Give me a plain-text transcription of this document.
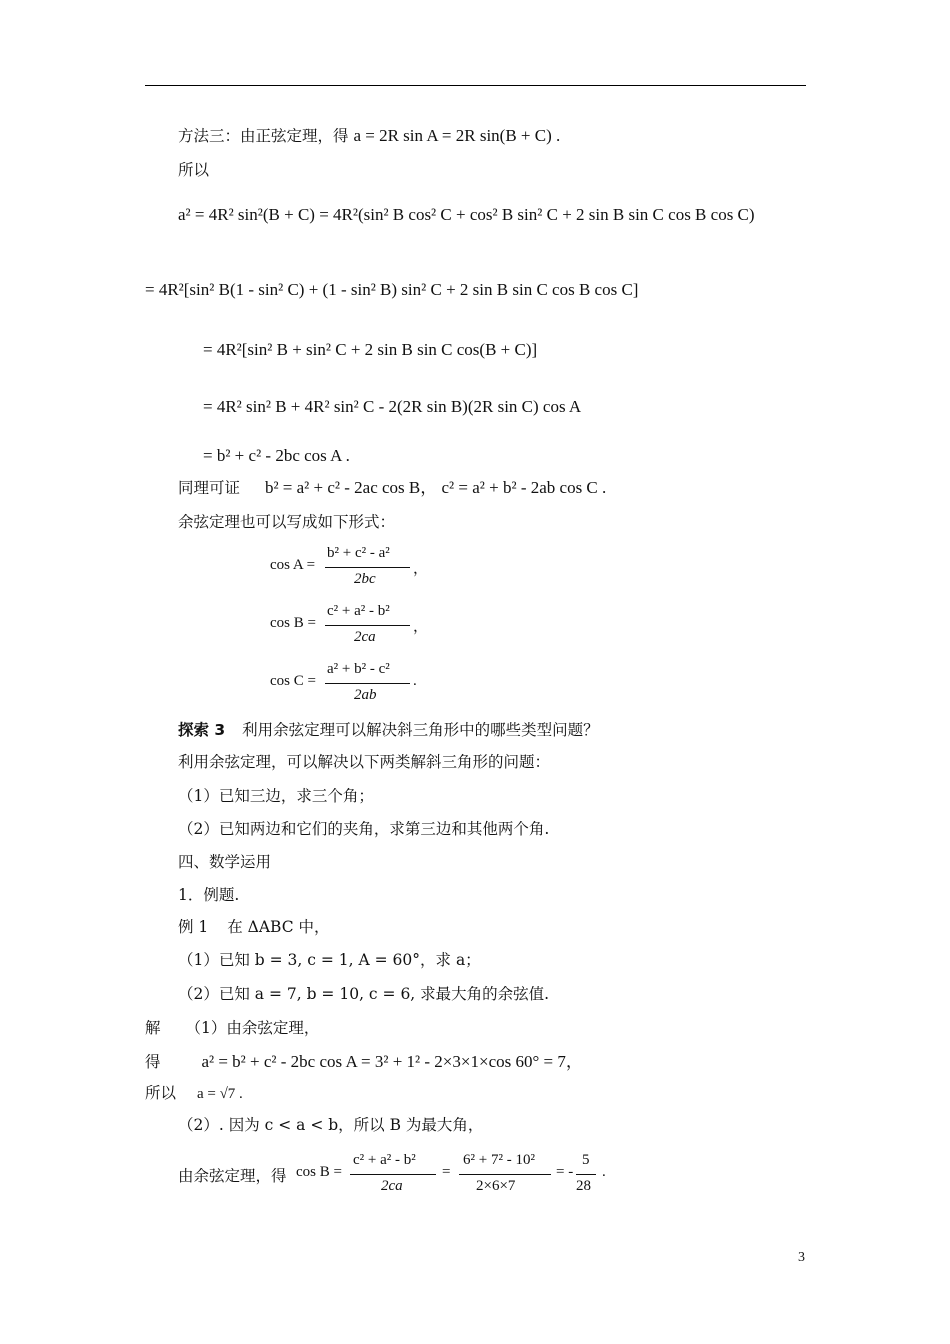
方法三：由正弦定理，得 a = 2R sin A = 2R sin(B + C) .
所以
a² = 4R² sin²(B + C) = 4R²(sin² B cos² C + cos² B sin² C + 2 sin B sin C cos B cos C)
= 4R²[sin² B(1 - sin² C) + (1 - sin² B) sin² C + 2 sin B sin C cos B cos C]
= 4R²[sin² B + sin² C + 2 sin B sin C cos(B + C)]
= 4R² sin² B + 4R² sin² C - 2(2R sin B)(2R sin C) cos A
= b² + c² - 2bc cos A .
同理可证 b² = a² + c² - 2ac cos B， c² = a² + b² - 2ab cos C .
余弦定理也可以写成如下形式：
cos A =
b² + c² - a²
2bc
，
cos B =
c² + a² - b²
2ca
，
cos C =
a² + b² - c²
2ab
.
探索 3 利用余弦定理可以解决斜三角形中的哪些类型问题？
利用余弦定理，可以解决以下两类解斜三角形的问题：
（1）已知三边，求三个角；
（2）已知两边和它们的夹角，求第三边和其他两个角.
四、数学运用
1．例题.
例 1 在 ΔABC 中，
（1）已知 b = 3, c = 1, A = 60°，求 a；
（2）已知 a = 7, b = 10, c = 6, 求最大角的余弦值.
解 （1）由余弦定理，
得 a² = b² + c² - 2bc cos A = 3² + 1² - 2×3×1×cos 60° = 7，
所以 a = √7 .
（2）. 因为 c < a < b，所以 B 为最大角，
由余弦定理，得 cos B =
c² + a² - b²
2ca
=
6² + 7² - 10²
2×6×7
= -
5
28
.
3
